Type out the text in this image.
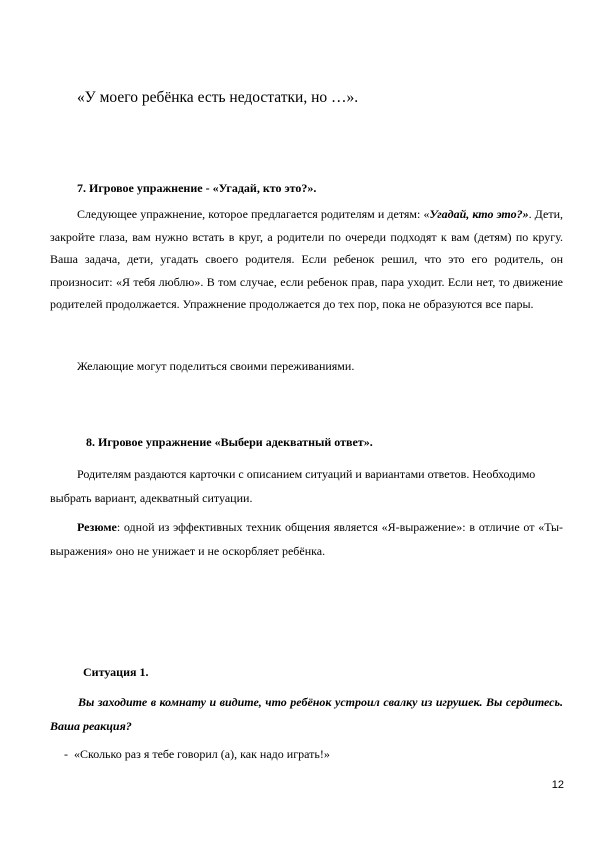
«У моего ребёнка есть недостатки, но …».
7. Игровое упражнение - «Угадай, кто это?».

Следующее упражнение, которое предлагается родителям и детям: «Угадай, кто это?». Дети, закройте глаза, вам нужно встать в круг, а родители по очереди подходят к вам (детям) по кругу. Ваша задача, дети, угадать своего родителя. Если ребенок решил, что это его родитель, он произносит: «Я тебя люблю». В том случае, если ребенок прав, пара уходит. Если нет, то движение родителей продолжается. Упражнение продолжается до тех пор, пока не образуются все пары.

Желающие могут поделиться своими переживаниями.
8. Игровое упражнение «Выбери адекватный ответ».

Родителям раздаются карточки с описанием ситуаций и вариантами ответов. Необходимо выбрать вариант, адекватный ситуации.

Резюме: одной из эффективных техник общения является «Я-выражение»: в отличие от «Ты-выражения» оно не унижает и не оскорбляет ребёнка.

Ситуация 1.

Вы заходите в комнату и видите, что ребёнок устроил свалку из игрушек. Вы сердитесь. Ваша реакция?

- «Сколько раз я тебе говорил (а), как надо играть!»
12
